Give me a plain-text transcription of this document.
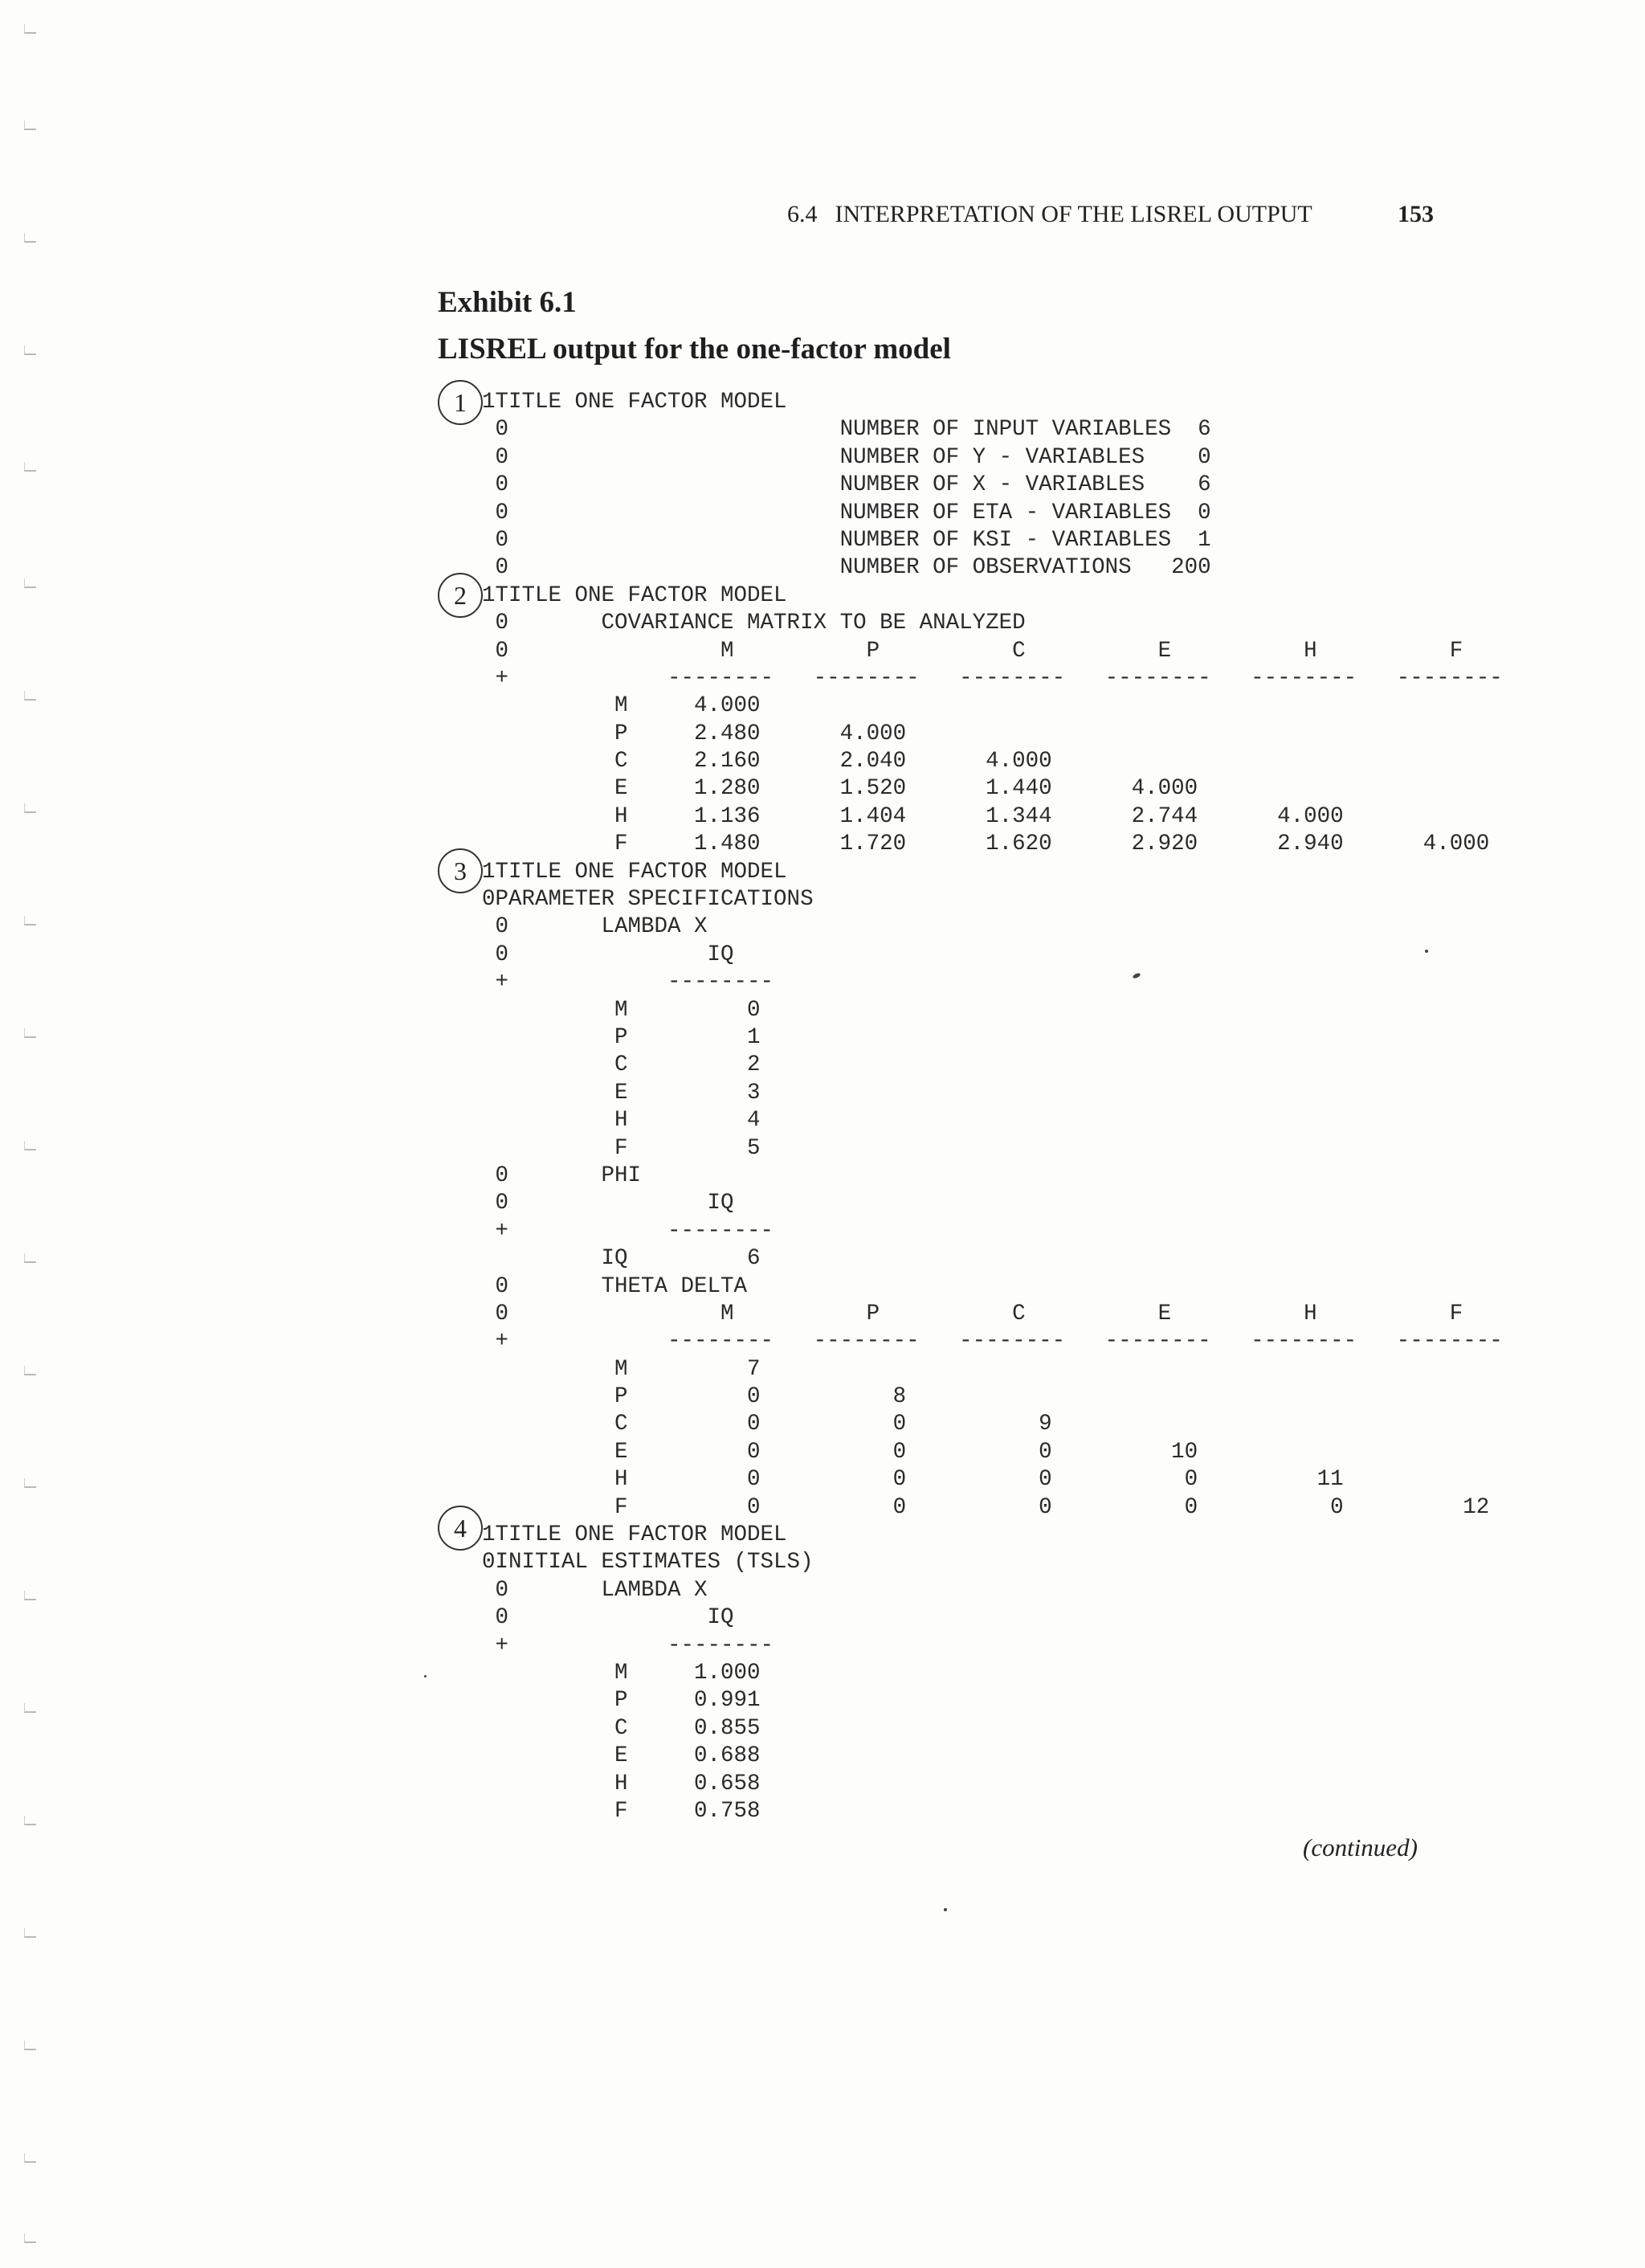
6.4 INTERPRETATION OF THE LISREL OUTPUT	153
Exhibit 6.1
LISREL output for the one-factor model
1
2
3
4
1TITLE ONE FACTOR MODEL
0                         NUMBER OF INPUT VARIABLES  6
0                         NUMBER OF Y - VARIABLES    0
0                         NUMBER OF X - VARIABLES    6
0                         NUMBER OF ETA - VARIABLES  0
0                         NUMBER OF KSI - VARIABLES  1
0                         NUMBER OF OBSERVATIONS   200
1TITLE ONE FACTOR MODEL
0       COVARIANCE MATRIX TO BE ANALYZED
0                M          P          C          E          H          F
+            --------   --------   --------   --------   --------   --------
M     4.000
P     2.480      4.000
C     2.160      2.040      4.000
E     1.280      1.520      1.440      4.000
H     1.136      1.404      1.344      2.744      4.000
F     1.480      1.720      1.620      2.920      2.940      4.000
1TITLE ONE FACTOR MODEL
0PARAMETER SPECIFICATIONS
0       LAMBDA X
0               IQ
+            --------
M         0
P         1
C         2
E         3
H         4
F         5
0       PHI
0               IQ
+            --------
IQ         6
0       THETA DELTA
0                M          P          C          E          H          F
+            --------   --------   --------   --------   --------   --------
M         7
P         0          8
C         0          0          9
E         0          0          0         10
H         0          0          0          0         11
F         0          0          0          0          0         12
1TITLE ONE FACTOR MODEL
0INITIAL ESTIMATES (TSLS)
0       LAMBDA X
0               IQ
+            --------
M     1.000
P     0.991
C     0.855
E     0.688
H     0.658
F     0.758
(continued)
